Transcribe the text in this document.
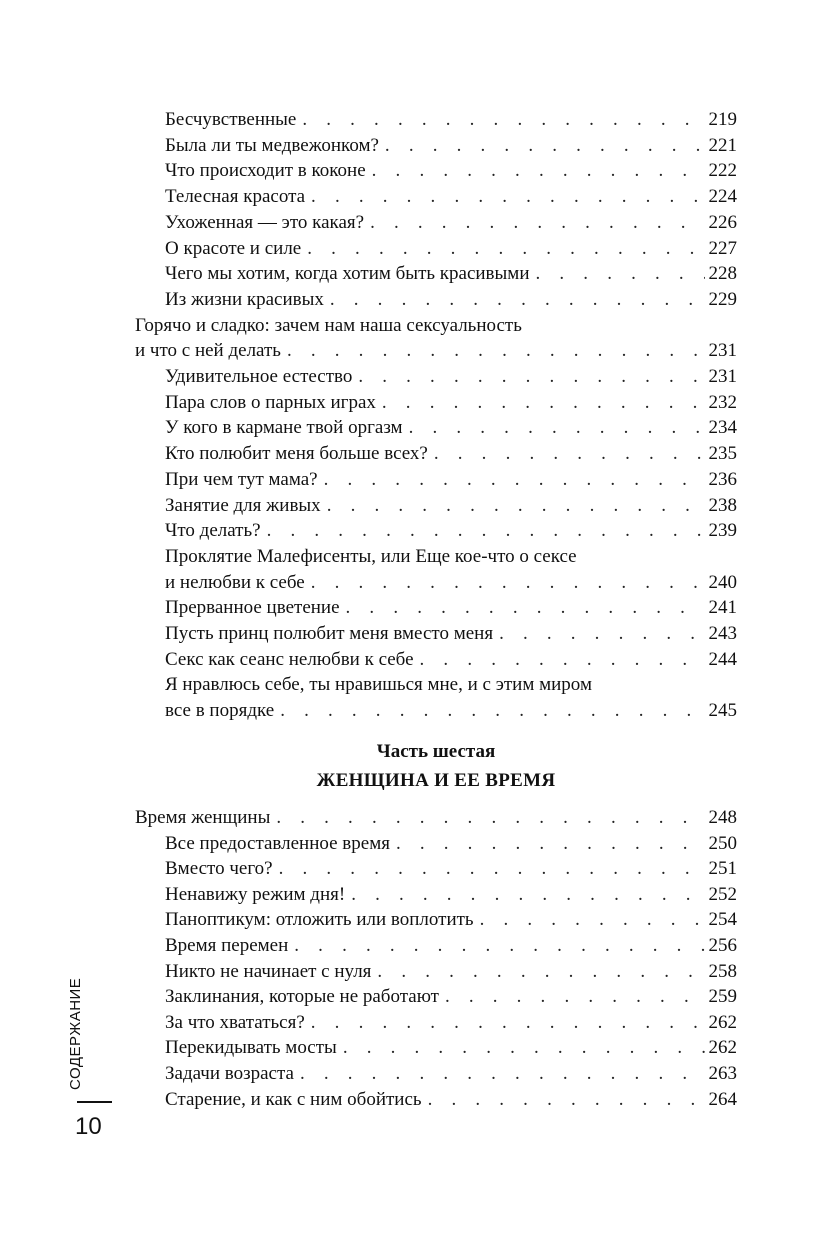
Бесчувственные . . .	219
Была ли ты медвежонком? . . .	221
Что происходит в коконе . . .	222
Телесная красота . . .	224
Ухоженная — это какая? . . .	226
О красоте и силе . . .	227
Чего мы хотим, когда хотим быть красивыми . . .	228
Из жизни красивых . . .	229
Горячо и сладко: зачем нам наша сексуальность
и что с ней делать . . .	231
Удивительное естество . . .	231
Пара слов о парных играх . . .	232
У кого в кармане твой оргазм . . .	234
Кто полюбит меня больше всех? . . .	235
При чем тут мама? . . .	236
Занятие для живых . . .	238
Что делать? . . .	239
Проклятие Малефисенты, или Еще кое-что о сексе
и нелюбви к себе . . .	240
Прерванное цветение . . .	241
Пусть принц полюбит меня вместо меня . . .	243
Секс как сеанс нелюбви к себе . . .	244
Я нравлюсь себе, ты нравишься мне, и с этим миром
все в порядке . . .	245
Часть шестая
ЖЕНЩИНА И ЕЕ ВРЕМЯ
Время женщины . . .	248
Все предоставленное время . . .	250
Вместо чего? . . .	251
Ненавижу режим дня! . . .	252
Паноптикум: отложить или воплотить . . .	254
Время перемен . . .	256
Никто не начинает с нуля . . .	258
Заклинания, которые не работают . . .	259
За что хвататься? . . .	262
Перекидывать мосты . . .	262
Задачи возраста . . .	263
Старение, и как с ним обойтись . . .	264
СОДЕРЖАНИЕ
10
